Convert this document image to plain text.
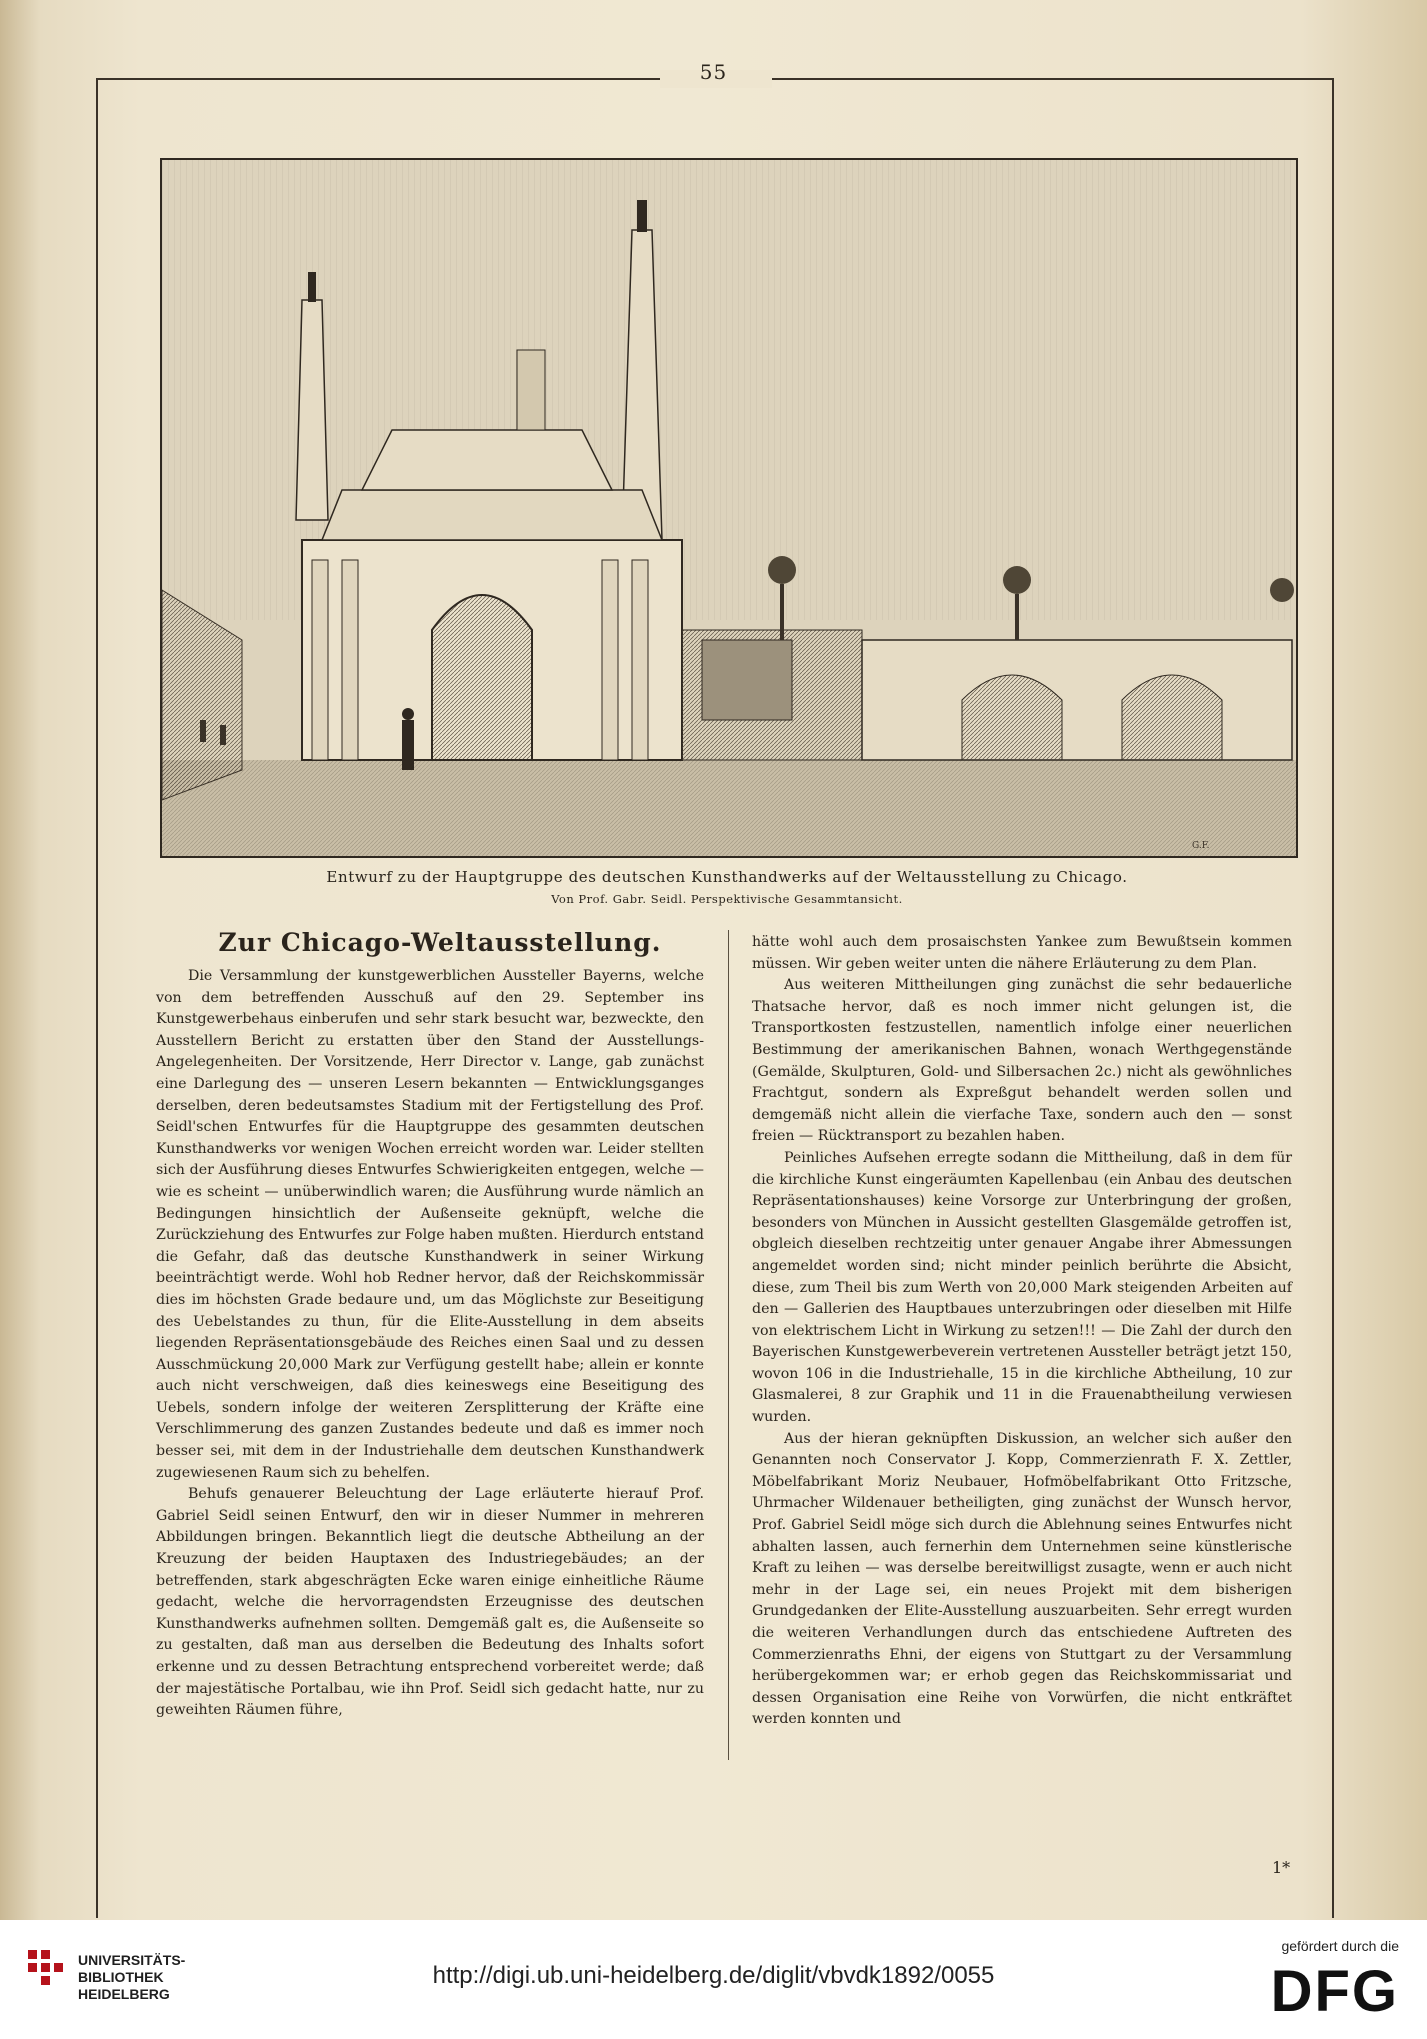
55
G.F.
Entwurf zu der Hauptgruppe des deutschen Kunsthandwerks auf der Weltausstellung zu Chicago.
Von Prof. Gabr. Seidl. Perspektivische Gesammtansicht.
Zur Chicago-Weltausstellung.

Die Versammlung der kunstgewerblichen Aussteller Bayerns, welche von dem betreffenden Ausschuß auf den 29. September ins Kunstgewerbehaus einberufen und sehr stark besucht war, bezweckte, den Ausstellern Bericht zu erstatten über den Stand der Ausstellungs-Angelegenheiten. Der Vorsitzende, Herr Director v. Lange, gab zunächst eine Darlegung des — unseren Lesern bekannten — Entwicklungsganges derselben, deren bedeutsamstes Stadium mit der Fertigstellung des Prof. Seidl'schen Entwurfes für die Hauptgruppe des gesammten deutschen Kunsthandwerks vor wenigen Wochen erreicht worden war. Leider stellten sich der Ausführung dieses Entwurfes Schwierigkeiten entgegen, welche — wie es scheint — unüberwindlich waren; die Ausführung wurde nämlich an Bedingungen hinsichtlich der Außenseite geknüpft, welche die Zurückziehung des Entwurfes zur Folge haben mußten. Hierdurch entstand die Gefahr, daß das deutsche Kunsthandwerk in seiner Wirkung beeinträchtigt werde. Wohl hob Redner hervor, daß der Reichskommissär dies im höchsten Grade bedaure und, um das Möglichste zur Beseitigung des Uebelstandes zu thun, für die Elite-Ausstellung in dem abseits liegenden Repräsentationsgebäude des Reiches einen Saal und zu dessen Ausschmückung 20,000 Mark zur Verfügung gestellt habe; allein er konnte auch nicht verschweigen, daß dies keineswegs eine Beseitigung des Uebels, sondern infolge der weiteren Zersplitterung der Kräfte eine Verschlimmerung des ganzen Zustandes bedeute und daß es immer noch besser sei, mit dem in der Industriehalle dem deutschen Kunsthandwerk zugewiesenen Raum sich zu behelfen.

Behufs genauerer Beleuchtung der Lage erläuterte hierauf Prof. Gabriel Seidl seinen Entwurf, den wir in dieser Nummer in mehreren Abbildungen bringen. Bekanntlich liegt die deutsche Abtheilung an der Kreuzung der beiden Hauptaxen des Industriegebäudes; an der betreffenden, stark abgeschrägten Ecke waren einige einheitliche Räume gedacht, welche die hervorragendsten Erzeugnisse des deutschen Kunsthandwerks aufnehmen sollten. Demgemäß galt es, die Außenseite so zu gestalten, daß man aus derselben die Bedeutung des Inhalts sofort erkenne und zu dessen Betrachtung entsprechend vorbereitet werde; daß der majestätische Portalbau, wie ihn Prof. Seidl sich gedacht hatte, nur zu geweihten Räumen führe,

hätte wohl auch dem prosaischsten Yankee zum Bewußtsein kommen müssen. Wir geben weiter unten die nähere Erläuterung zu dem Plan.

Aus weiteren Mittheilungen ging zunächst die sehr bedauerliche Thatsache hervor, daß es noch immer nicht gelungen ist, die Transportkosten festzustellen, namentlich infolge einer neuerlichen Bestimmung der amerikanischen Bahnen, wonach Werthgegenstände (Gemälde, Skulpturen, Gold- und Silbersachen 2c.) nicht als gewöhnliches Frachtgut, sondern als Expreßgut behandelt werden sollen und demgemäß nicht allein die vierfache Taxe, sondern auch den — sonst freien — Rücktransport zu bezahlen haben.

Peinliches Aufsehen erregte sodann die Mittheilung, daß in dem für die kirchliche Kunst eingeräumten Kapellenbau (ein Anbau des deutschen Repräsentationshauses) keine Vorsorge zur Unterbringung der großen, besonders von München in Aussicht gestellten Glasgemälde getroffen ist, obgleich dieselben rechtzeitig unter genauer Angabe ihrer Abmessungen angemeldet worden sind; nicht minder peinlich berührte die Absicht, diese, zum Theil bis zum Werth von 20,000 Mark steigenden Arbeiten auf den — Gallerien des Hauptbaues unterzubringen oder dieselben mit Hilfe von elektrischem Licht in Wirkung zu setzen!!! — Die Zahl der durch den Bayerischen Kunstgewerbeverein vertretenen Aussteller beträgt jetzt 150, wovon 106 in die Industriehalle, 15 in die kirchliche Abtheilung, 10 zur Glasmalerei, 8 zur Graphik und 11 in die Frauenabtheilung verwiesen wurden.

Aus der hieran geknüpften Diskussion, an welcher sich außer den Genannten noch Conservator J. Kopp, Commerzienrath F. X. Zettler, Möbelfabrikant Moriz Neubauer, Hofmöbelfabrikant Otto Fritzsche, Uhrmacher Wildenauer betheiligten, ging zunächst der Wunsch hervor, Prof. Gabriel Seidl möge sich durch die Ablehnung seines Entwurfes nicht abhalten lassen, auch fernerhin dem Unternehmen seine künstlerische Kraft zu leihen — was derselbe bereitwilligst zusagte, wenn er auch nicht mehr in der Lage sei, ein neues Projekt mit dem bisherigen Grundgedanken der Elite-Ausstellung auszuarbeiten. Sehr erregt wurden die weiteren Verhandlungen durch das entschiedene Auftreten des Commerzienraths Ehni, der eigens von Stuttgart zu der Versammlung herübergekommen war; er erhob gegen das Reichskommissariat und dessen Organisation eine Reihe von Vorwürfen, die nicht entkräftet werden konnten und

1*
UNIVERSITÄTS-
BIBLIOTHEK
HEIDELBERG
http://digi.ub.uni-heidelberg.de/diglit/vbvdk1892/0055
gefördert durch die
DFG
